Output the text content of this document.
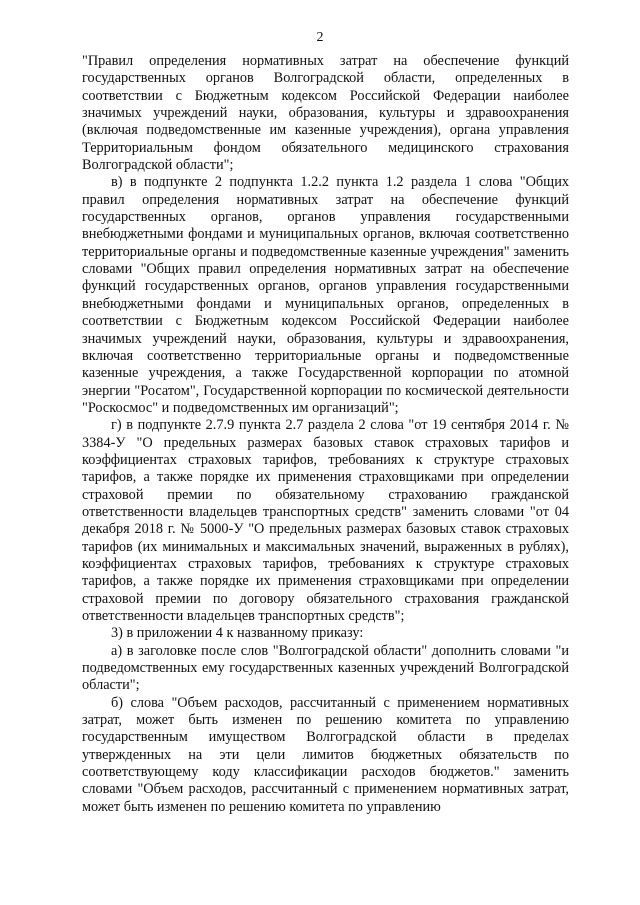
2

"Правил определения нормативных затрат на обеспечение функций государственных органов Волгоградской области, определенных в соответствии с Бюджетным кодексом Российской Федерации наиболее значимых учреждений науки, образования, культуры и здравоохранения (включая подведомственные им казенные учреждения), органа управления Территориальным фондом обязательного медицинского страхования Волгоградской области";

в) в подпункте 2 подпункта 1.2.2 пункта 1.2 раздела 1 слова "Общих правил определения нормативных затрат на обеспечение функций государственных органов, органов управления государственными внебюджетными фондами и муниципальных органов, включая соответственно территориальные органы и подведомственные казенные учреждения" заменить словами "Общих правил определения нормативных затрат на обеспечение функций государственных органов, органов управления государственными внебюджетными фондами и муниципальных органов, определенных в соответствии с Бюджетным кодексом Российской Федерации наиболее значимых учреждений науки, образования, культуры и здравоохранения, включая соответственно территориальные органы и подведомственные казенные учреждения, а также Государственной корпорации по атомной энергии "Росатом", Государственной корпорации по космической деятельности "Роскосмос" и подведомственных им организаций";

г) в подпункте 2.7.9 пункта 2.7 раздела 2 слова "от 19 сентября 2014 г. № 3384-У "О предельных размерах базовых ставок страховых тарифов и коэффициентах страховых тарифов, требованиях к структуре страховых тарифов, а также порядке их применения страховщиками при определении страховой премии по обязательному страхованию гражданской ответственности владельцев транспортных средств" заменить словами "от 04 декабря 2018 г. № 5000-У "О предельных размерах базовых ставок страховых тарифов (их минимальных и максимальных значений, выраженных в рублях), коэффициентах страховых тарифов, требованиях к структуре страховых тарифов, а также порядке их применения страховщиками при определении страховой премии по договору обязательного страхования гражданской ответственности владельцев транспортных средств";

3) в приложении 4 к названному приказу:

а) в заголовке после слов "Волгоградской области" дополнить словами "и подведомственных ему государственных казенных учреждений Волгоградской области";

б) слова "Объем расходов, рассчитанный с применением нормативных затрат, может быть изменен по решению комитета по управлению государственным имуществом Волгоградской области в пределах утвержденных на эти цели лимитов бюджетных обязательств по соответствующему коду классификации расходов бюджетов." заменить словами "Объем расходов, рассчитанный с применением нормативных затрат, может быть изменен по решению комитета по управлению
